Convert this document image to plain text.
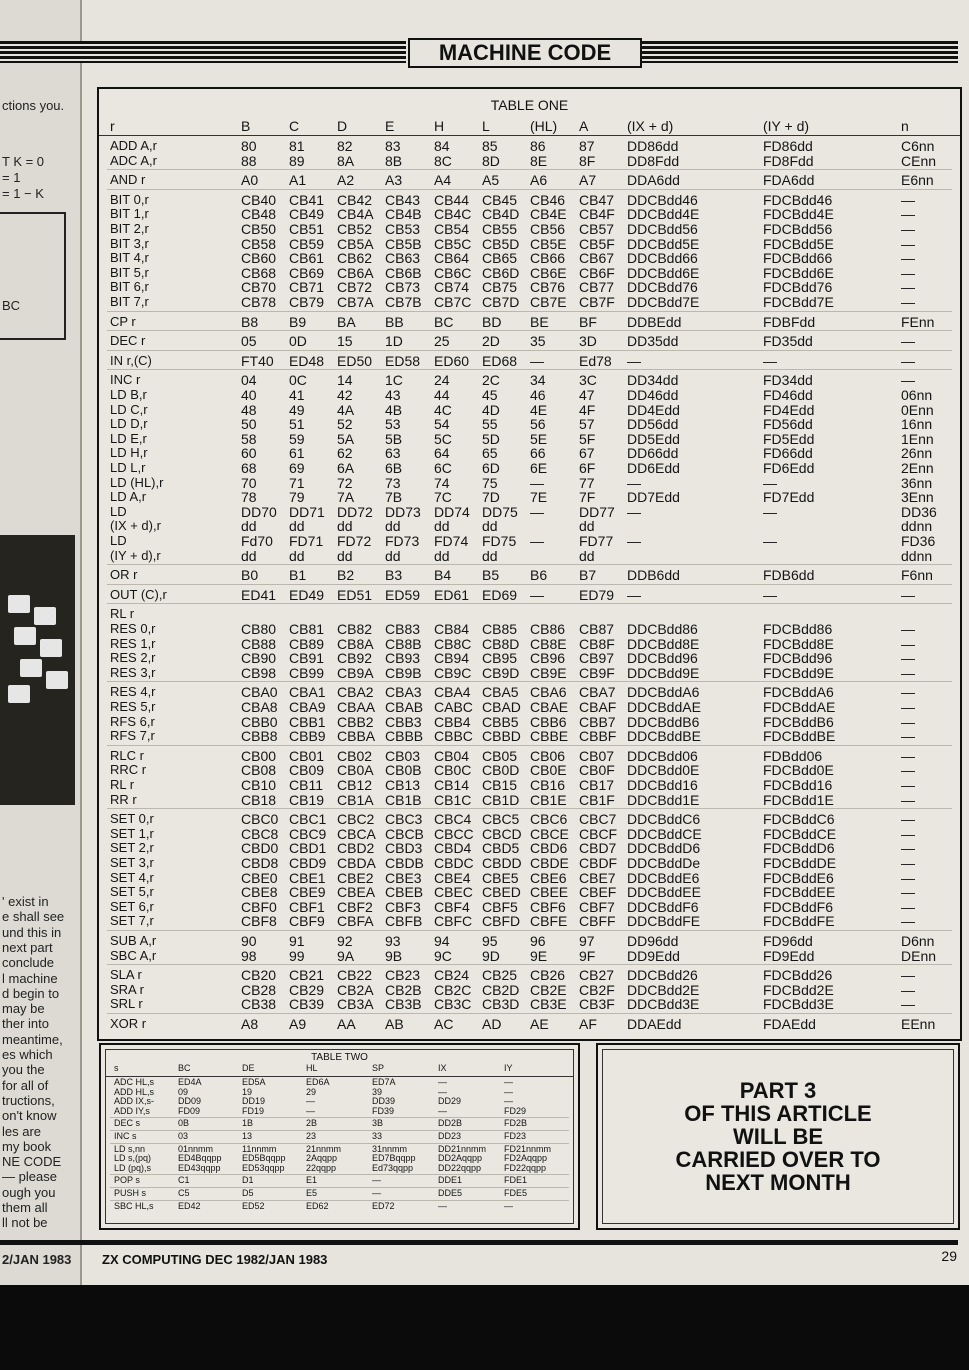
ctions you.
T K = 0
= 1
= 1 − K
BC
' exist in
e shall see
und this in
next part
conclude
l machine
d begin to
may be
ther into
meantime,
es which
you the
for all of
tructions,
on't know
les are
my book
NE CODE
— please
ough you
them all
ll not be
2/JAN 1983
MACHINE CODE
TABLE ONE
r	B	C	D	E	H	L	(HL) A	(IX + d)	(IY + d)	n
ADD A,r	80 81 82 83 84 85 86 87 DD86dd	FD86dd	C6nn
ADC A,r	88 89 8A 8B 8C 8D 8E 8F DD8Fdd	FD8Fdd	CEnn
AND r	A0 A1 A2 A3 A4 A5 A6 A7 DDA6dd	FDA6dd	E6nn
BIT 0,r	CB40 CB41 CB42 CB43 CB44 CB45 CB46 CB47 DDCBdd46	FDCBdd46	—
BIT 1,r	CB48 CB49 CB4A CB4B CB4C CB4D CB4E CB4F DDCBdd4E	FDCBdd4E	—
BIT 2,r	CB50 CB51 CB52 CB53 CB54 CB55 CB56 CB57 DDCBdd56	FDCBdd56	—
BIT 3,r	CB58 CB59 CB5A CB5B CB5C CB5D CB5E CB5F DDCBdd5E	FDCBdd5E	—
BIT 4,r	CB60 CB61 CB62 CB63 CB64 CB65 CB66 CB67 DDCBdd66	FDCBdd66	—
BIT 5,r	CB68 CB69 CB6A CB6B CB6C CB6D CB6E CB6F DDCBdd6E	FDCBdd6E	—
BIT 6,r	CB70 CB71 CB72 CB73 CB74 CB75 CB76 CB77 DDCBdd76	FDCBdd76	—
BIT 7,r	CB78 CB79 CB7A CB7B CB7C CB7D CB7E CB7F DDCBdd7E	FDCBdd7E	—
CP r	B8 B9 BA BB BC BD BE BF DDBEdd	FDBFdd	FEnn
DEC r	05 0D 15 1D 25 2D 35 3D DD35dd	FD35dd	—
IN r,(C)	FT40 ED48 ED50 ED58 ED60 ED68 —	Ed78 —	—	—
INC r	04 0C 14 1C 24 2C 34 3C DD34dd	FD34dd	—
LD B,r	40 41 42 43 44 45 46 47 DD46dd	FD46dd	06nn
LD C,r	48 49 4A 4B 4C 4D 4E 4F DD4Edd	FD4Edd	0Enn
LD D,r	50 51 52 53 54 55 56 57 DD56dd	FD56dd	16nn
LD E,r	58 59 5A 5B 5C 5D 5E 5F DD5Edd	FD5Edd	1Enn
LD H,r	60 61 62 63 64 65 66 67 DD66dd	FD66dd	26nn
LD L,r	68 69 6A 6B 6C 6D 6E 6F DD6Edd	FD6Edd	2Enn
LD (HL),r	70 71 72 73 74 75 —	77 —	—	36nn
LD A,r	78 79 7A 7B 7C 7D 7E 7F DD7Edd	FD7Edd	3Enn
LD	DD70 DD71 DD72 DD73 DD74 DD75 —	DD77 —	—	DD36
(IX + d),r	dd dd dd dd dd dd	dd	ddnn
LD	Fd70 FD71 FD72 FD73 FD74 FD75 —	FD77 —	—	FD36
(IY + d),r	dd dd dd dd dd dd	dd	ddnn
OR r	B0 B1 B2 B3 B4 B5 B6 B7 DDB6dd	FDB6dd	F6nn
OUT (C),r	ED41 ED49 ED51 ED59 ED61 ED69 —	ED79 —	—	—
RL r
RES 0,r	CB80 CB81 CB82 CB83 CB84 CB85 CB86 CB87 DDCBdd86	FDCBdd86	—
RES 1,r	CB88 CB89 CB8A CB8B CB8C CB8D CB8E CB8F DDCBdd8E	FDCBdd8E	—
RES 2,r	CB90 CB91 CB92 CB93 CB94 CB95 CB96 CB97 DDCBdd96	FDCBdd96	—
RES 3,r	CB98 CB99 CB9A CB9B CB9C CB9D CB9E CB9F DDCBdd9E	FDCBdd9E	—
RES 4,r	CBA0 CBA1 CBA2 CBA3 CBA4 CBA5 CBA6 CBA7 DDCBddA6	FDCBddA6	—
RES 5,r	CBA8 CBA9 CBAA CBAB CABC CBAD CBAE CBAF DDCBddAE	FDCBddAE	—
RFS 6,r	CBB0 CBB1 CBB2 CBB3 CBB4 CBB5 CBB6 CBB7 DDCBddB6	FDCBddB6	—
RFS 7,r	CBB8 CBB9 CBBA CBBB CBBC CBBD CBBE CBBF DDCBddBE	FDCBddBE	—
RLC r	CB00 CB01 CB02 CB03 CB04 CB05 CB06 CB07 DDCBdd06	FDBdd06	—
RRC r	CB08 CB09 CB0A CB0B CB0C CB0D CB0E CB0F DDCBdd0E	FDCBdd0E	—
RL r	CB10 CB11 CB12 CB13 CB14 CB15 CB16 CB17 DDCBdd16	FDCBdd16	—
RR r	CB18 CB19 CB1A CB1B CB1C CB1D CB1E CB1F DDCBdd1E	FDCBdd1E	—
SET 0,r	CBC0 CBC1 CBC2 CBC3 CBC4 CBC5 CBC6 CBC7 DDCBddC6	FDCBddC6	—
SET 1,r	CBC8 CBC9 CBCA CBCB CBCC CBCD CBCE CBCF DDCBddCE	FDCBddCE	—
SET 2,r	CBD0 CBD1 CBD2 CBD3 CBD4 CBD5 CBD6 CBD7 DDCBddD6	FDCBddD6	—
SET 3,r	CBD8 CBD9 CBDA CBDB CBDC CBDD CBDE CBDF DDCBddDe	FDCBddDE	—
SET 4,r	CBE0 CBE1 CBE2 CBE3 CBE4 CBE5 CBE6 CBE7 DDCBddE6	FDCBddE6	—
SET 5,r	CBE8 CBE9 CBEA CBEB CBEC CBED CBEE CBEF DDCBddEE	FDCBddEE	—
SET 6,r	CBF0 CBF1 CBF2 CBF3 CBF4 CBF5 CBF6 CBF7 DDCBddF6	FDCBddF6	—
SET 7,r	CBF8 CBF9 CBFA CBFB CBFC CBFD CBFE CBFF DDCBddFE	FDCBddFE	—
SUB A,r	90 91 92 93 94 95 96 97 DD96dd	FD96dd	D6nn
SBC A,r	98 99 9A 9B 9C 9D 9E 9F DD9Edd	FD9Edd	DEnn
SLA r	CB20 CB21 CB22 CB23 CB24 CB25 CB26 CB27 DDCBdd26	FDCBdd26	—
SRA r	CB28 CB29 CB2A CB2B CB2C CB2D CB2E CB2F DDCBdd2E	FDCBdd2E	—
SRL r	CB38 CB39 CB3A CB3B CB3C CB3D CB3E CB3F DDCBdd3E	FDCBdd3E	—
XOR r	A8 A9 AA AB AC AD AE AF DDAEdd	FDAEdd	EEnn
TABLE TWO
s	BC	DE	HL	SP	IX	IY
ADC HL,s	ED4A	ED5A	ED6A	ED7A	—	—
ADD HL,s	09	19	29	39	—	—
ADD IX,s-	DD09	DD19	—	DD39	DD29	—
ADD IY,s	FD09	FD19	—	FD39	—	FD29
DEC s	0B	1B	2B	3B	DD2B	FD2B
INC s	03	13	23	33	DD23	FD23
LD s,nn	01nnmm	11nnmm	21nnmm	31nnmm	DD21nnmm FD21nnmm
LD s,(pq)	ED4Bqqpp ED5Bqqpp 2Aqqpp	ED7Bqqpp DD2Aqqpp FD2Aqqpp
LD (pq),s	ED43qqpp ED53qqpp 22qqpp	Ed73qqpp	DD22qqpp	FD22qqpp
POP s	C1	D1	E1	—	DDE1	FDE1
PUSH s	C5	D5	E5	—	DDE5	FDE5
SBC HL,s	ED42	ED52	ED62	ED72	—	—
PART 3
OF THIS ARTICLE
WILL BE
CARRIED OVER TO
NEXT MONTH
ZX COMPUTING DEC 1982/JAN 1983	29
